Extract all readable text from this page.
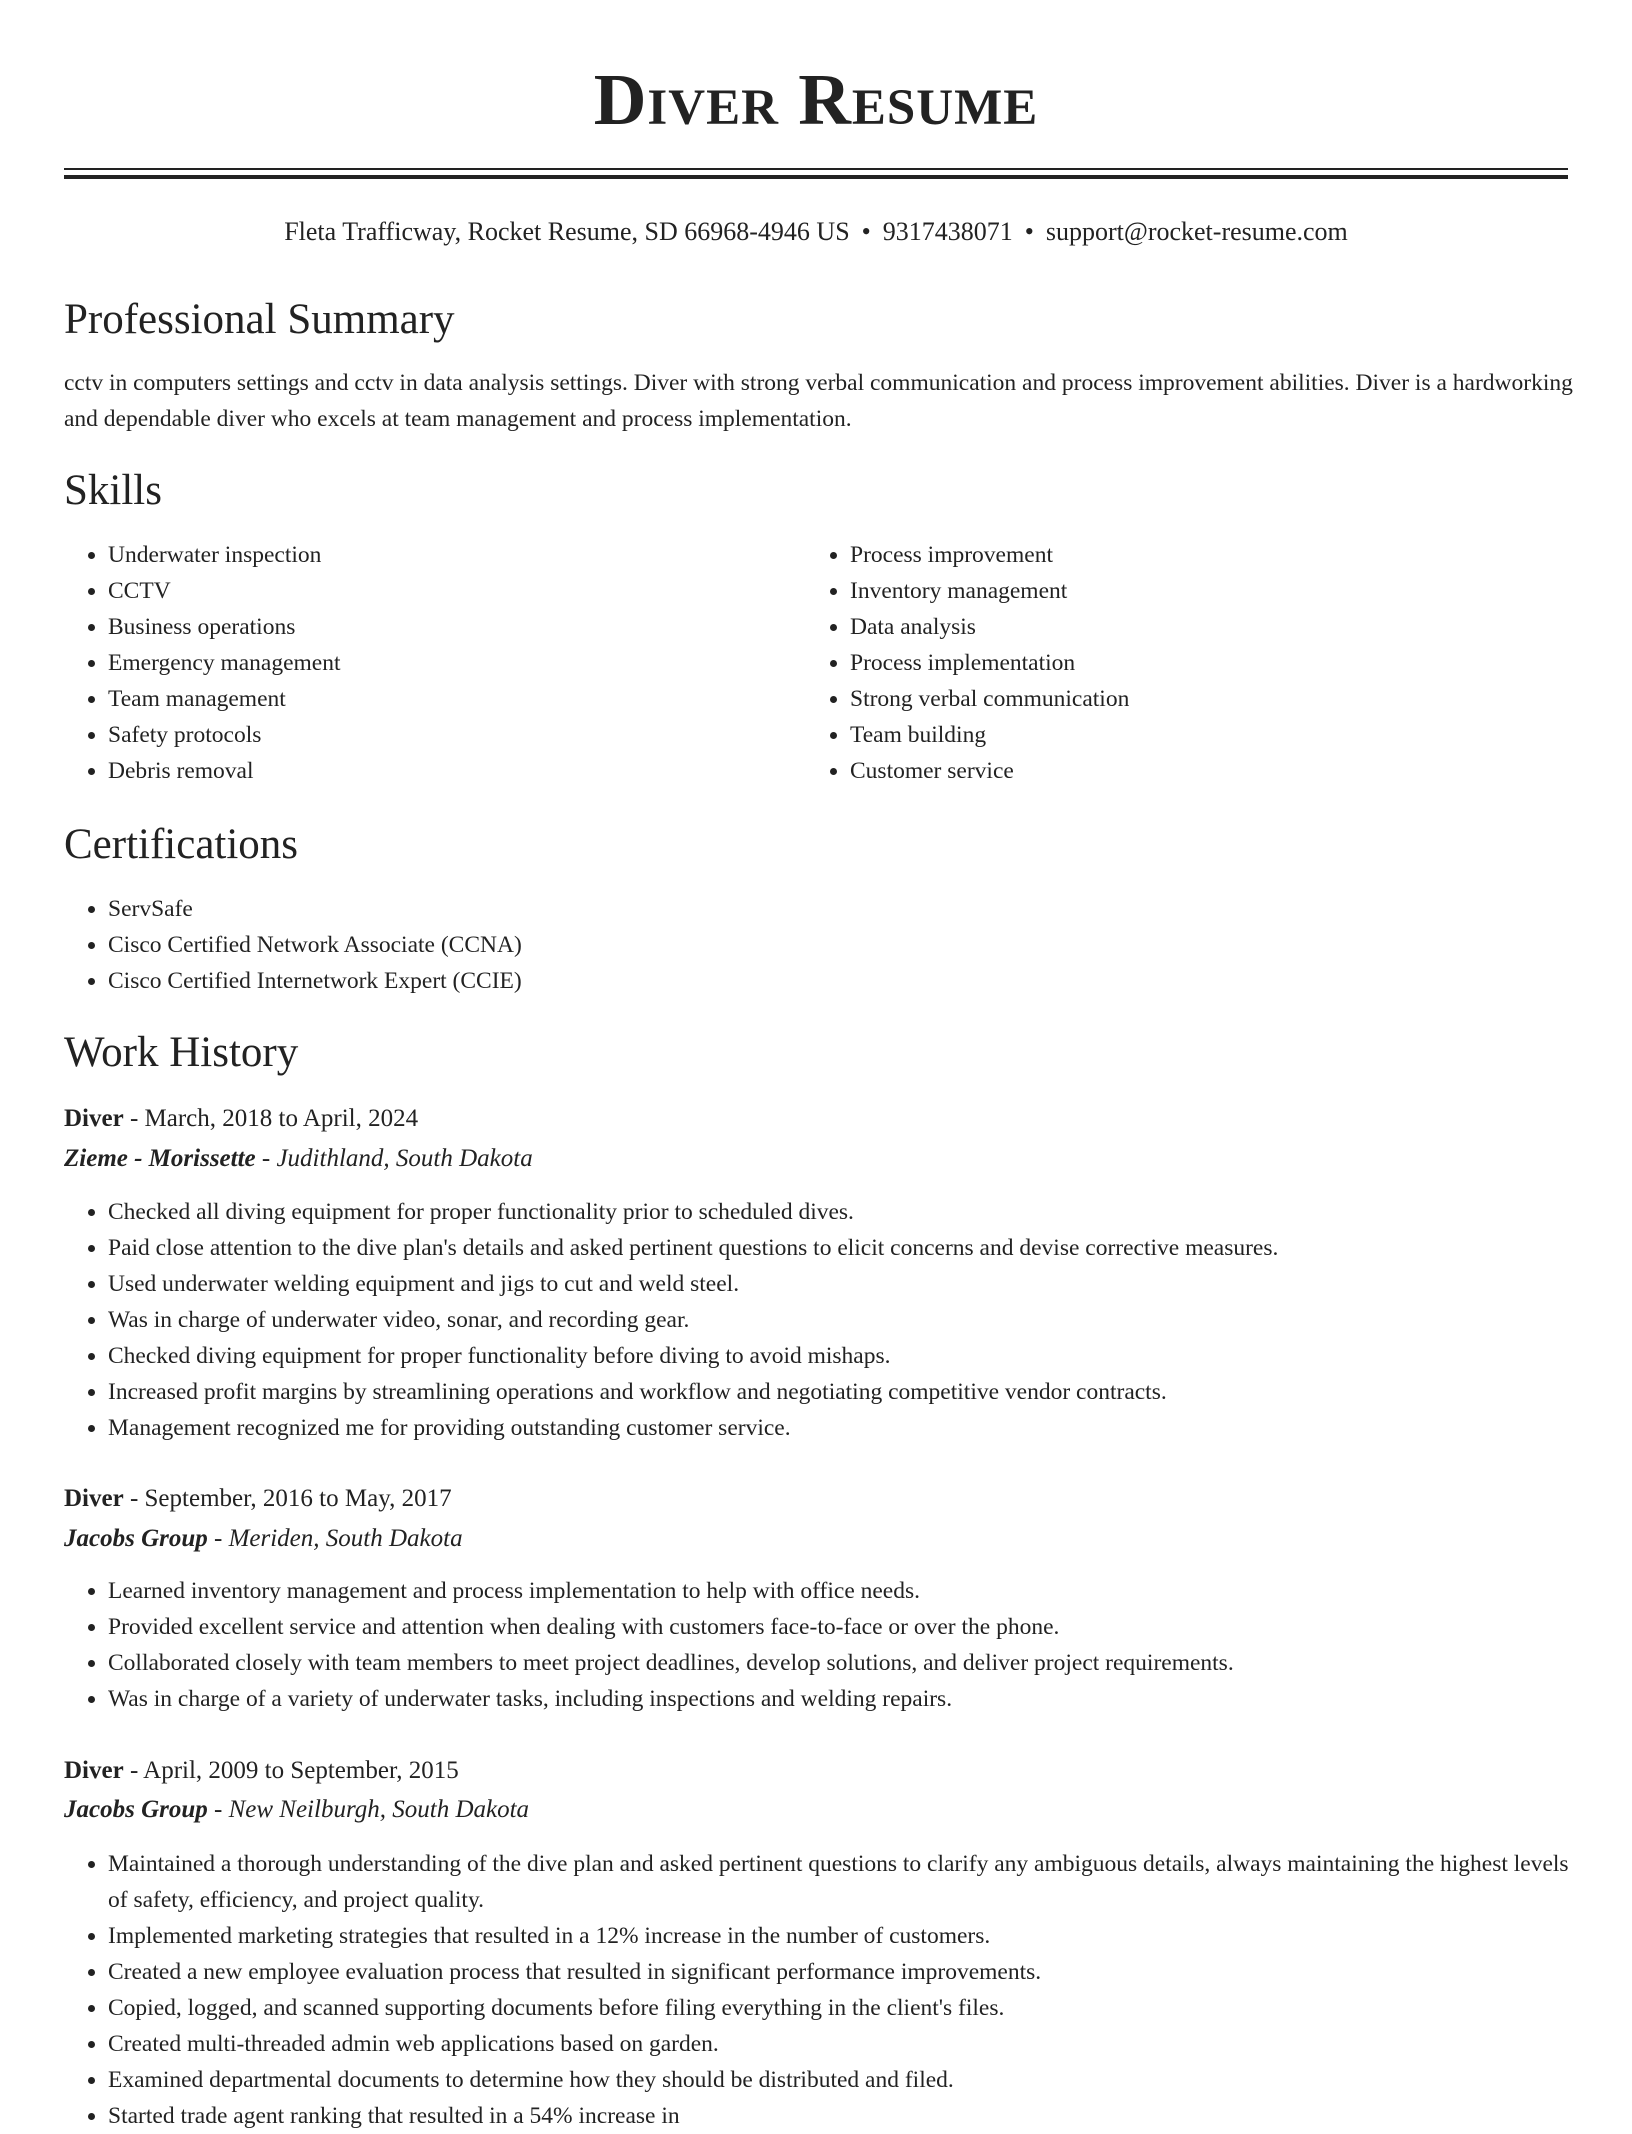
Diver Resume
Fleta Trafficway, Rocket Resume, SD 66968-4946 US • 9317438071 • support@rocket-resume.com
Professional Summary

cctv in computers settings and cctv in data analysis settings. Diver with strong verbal communication and process improvement abilities. Diver is a hardworking and dependable diver who excels at team management and process implementation.

Skills
• Underwater inspection
• CCTV
• Business operations
• Emergency management
• Team management
• Safety protocols
• Debris removal
• Process improvement
• Inventory management
• Data analysis
• Process implementation
• Strong verbal communication
• Team building
• Customer service
Certifications
• ServSafe
• Cisco Certified Network Associate (CCNA)
• Cisco Certified Internetwork Expert (CCIE)
Work History
Diver - March, 2018 to April, 2024
Zieme - Morissette - Judithland, South Dakota
• Checked all diving equipment for proper functionality prior to scheduled dives.
• Paid close attention to the dive plan's details and asked pertinent questions to elicit concerns and devise corrective measures.
• Used underwater welding equipment and jigs to cut and weld steel.
• Was in charge of underwater video, sonar, and recording gear.
• Checked diving equipment for proper functionality before diving to avoid mishaps.
• Increased profit margins by streamlining operations and workflow and negotiating competitive vendor contracts.
• Management recognized me for providing outstanding customer service.
Diver - September, 2016 to May, 2017
Jacobs Group - Meriden, South Dakota
• Learned inventory management and process implementation to help with office needs.
• Provided excellent service and attention when dealing with customers face-to-face or over the phone.
• Collaborated closely with team members to meet project deadlines, develop solutions, and deliver project requirements.
• Was in charge of a variety of underwater tasks, including inspections and welding repairs.
Diver - April, 2009 to September, 2015
Jacobs Group - New Neilburgh, South Dakota
• Maintained a thorough understanding of the dive plan and asked pertinent questions to clarify any ambiguous details, always maintaining the highest levels of safety, efficiency, and project quality.
• Implemented marketing strategies that resulted in a 12% increase in the number of customers.
• Created a new employee evaluation process that resulted in significant performance improvements.
• Copied, logged, and scanned supporting documents before filing everything in the client's files.
• Created multi-threaded admin web applications based on garden.
• Examined departmental documents to determine how they should be distributed and filed.
• Started trade agent ranking that resulted in a 54% increase in
